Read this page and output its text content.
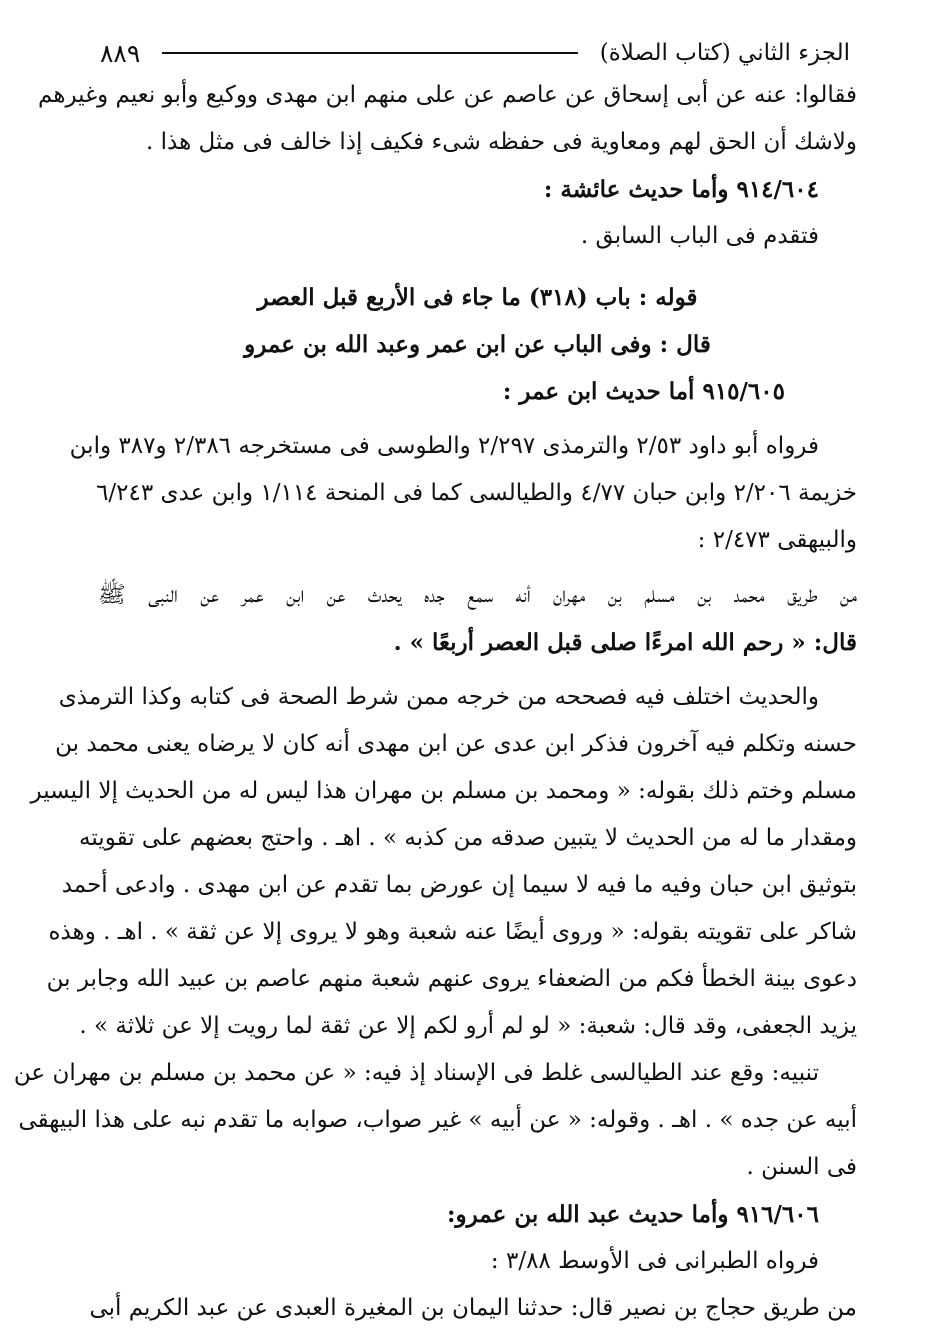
٨٨٩	الجزء الثاني (كتاب الصلاة)
فقالوا: عنه عن أبى إسحاق عن عاصم عن على منهم ابن مهدى ووكيع وأبو نعيم وغيرهم
ولاشك أن الحق لهم ومعاوية فى حفظه شىء فكيف إذا خالف فى مثل هذا .
٩١٤/٦٠٤ وأما حديث عائشة :
فتقدم فى الباب السابق .
قوله : باب (٣١٨) ما جاء فى الأربع قبل العصر
قال : وفى الباب عن ابن عمر وعبد الله بن عمرو
٩١٥/٦٠٥ أما حديث ابن عمر :
فرواه أبو داود ٢/٥٣ والترمذى ٢/٢٩٧ والطوسى فى مستخرجه ٢/٣٨٦ و٣٨٧ وابن
خزيمة ٢/٢٠٦ وابن حبان ٤/٧٧ والطيالسى كما فى المنحة ١/١١٤ وابن عدى ٦/٢٤٣
والبيهقى ٢/٤٧٣ :
من طريق محمد بن مسلم بن مهران أنه سمع جده يحدث عن ابن عمر عن النبى ﷺ
قال: « رحم الله امرءًا صلى قبل العصر أربعًا » .
والحديث اختلف فيه فصححه من خرجه ممن شرط الصحة فى كتابه وكذا الترمذى
حسنه وتكلم فيه آخرون فذكر ابن عدى عن ابن مهدى أنه كان لا يرضاه يعنى محمد بن
مسلم وختم ذلك بقوله: « ومحمد بن مسلم بن مهران هذا ليس له من الحديث إلا اليسير
ومقدار ما له من الحديث لا يتبين صدقه من كذبه » . اهـ . واحتج بعضهم على تقويته
بتوثيق ابن حبان وفيه ما فيه لا سيما إن عورض بما تقدم عن ابن مهدى . وادعى أحمد
شاكر على تقويته بقوله: « وروى أيضًا عنه شعبة وهو لا يروى إلا عن ثقة » . اهـ . وهذه
دعوى بينة الخطأ فكم من الضعفاء يروى عنهم شعبة منهم عاصم بن عبيد الله وجابر بن
يزيد الجعفى، وقد قال: شعبة: « لو لم أرو لكم إلا عن ثقة لما رويت إلا عن ثلاثة » .
تنبيه: وقع عند الطيالسى غلط فى الإسناد إذ فيه: « عن محمد بن مسلم بن مهران عن
أبيه عن جده » . اهـ . وقوله: « عن أبيه » غير صواب، صوابه ما تقدم نبه على هذا البيهقى
فى السنن .
٩١٦/٦٠٦ وأما حديث عبد الله بن عمرو:
فرواه الطبرانى فى الأوسط ٣/٨٨ :
من طريق حجاج بن نصير قال: حدثنا اليمان بن المغيرة العبدى عن عبد الكريم أبى
